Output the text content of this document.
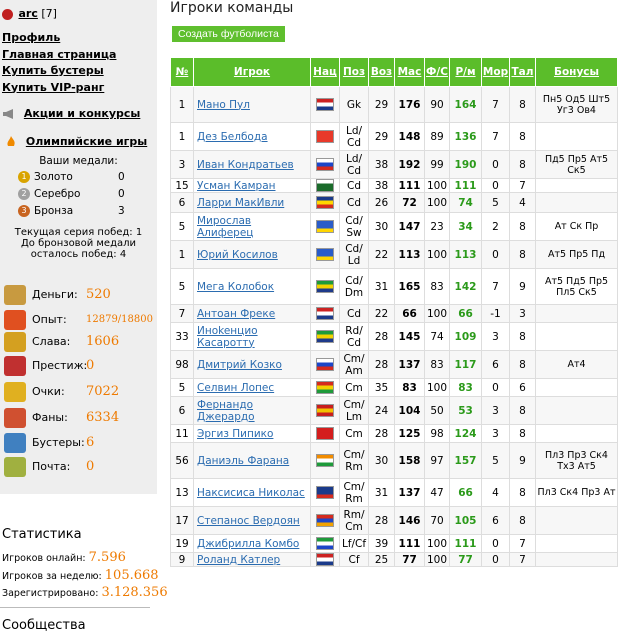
arc [7]
Профиль
Главная страница
Купить бустеры
Купить VIP-ранг
Акции и конкурсы
Олимпийские игры
Ваши медали:
1 Золото	0
2 Серебро	0
3 Бронза	3
Текущая серия побед: 1
До бронзовой медали
осталось побед: 4
Деньги: 520
Опыт: 12879/18800
Слава: 1606
Престиж:
0
Очки: 7022
Фаны: 6334
Бустеры: 6
Почта: 0
Статистика
Игроков онлайн: 7.596
Игроков за неделю: 105.668
Зарегистрировано: 3.128.356
Сообщества
Игроки команды
Создать футболиста
№	Игрок	Нац	Поз	Воз	Мас	Ф/С	Р/м	Мор	Тал	Бонусы
1	Мано Пул		Gk	29	176	90	164	7	8	Пн5 Од5 Шт5 Уг3 Ов4
1	Дез Белбода		Ld/ Cd	29	148	89	136	7	8	
3	Иван Кондратьев		Ld/ Cd	38	192	99	190	0	8	Пд5 Пр5 Ат5 Ск5
15	Усман Камран		Cd	38	111	100	111	0	7	
6	Ларри МакИвли		Cd	26	72	100	74	5	4	
5	Мирослав Алиферец		Cd/ Sw	30	147	23	34	2	8	Ат Ск Пр
1	Юрий Косилов		Cd/ Ld	22	113	100	113	0	8	Ат5 Пр5 Пд
5	Мега Колобок		Cd/ Dm	31	165	83	142	7	9	Ат5 Пд5 Пр5 Пл5 Ск5
7	Антоан Фреке		Cd	22	66	100	66	-1	3	
33	Иноkeнцио Касаротту		Rd/ Cd	28	145	74	109	3	8	
98	Дмитрий Козко		Cm/ Am	28	137	83	117	6	8	Ат4
5	Селвин Лопес		Cm	35	83	100	83	0	6	
6	Фернандо Джерардо		Cm/ Lm	24	104	50	53	3	8	
11	Эргиз Пипико		Cm	28	125	98	124	3	8	
56	Даниэль Фарана		Cm/ Rm	30	158	97	157	5	9	Пл3 Пр3 Ск4 Тх3 Ат5
13	Наксисиса Николас		Cm/ Rm	31	137	47	66	4	8	Пл3 Ск4 Пр3 Ат
17	Степанос Вердоян		Rm/ Cm	28	146	70	105	6	8	
19	Джибрилла Комбо		Lf/Cf	39	111	100	111	0	7	
9	Роланд Катлер		Cf	25	77	100	77	0	7	
